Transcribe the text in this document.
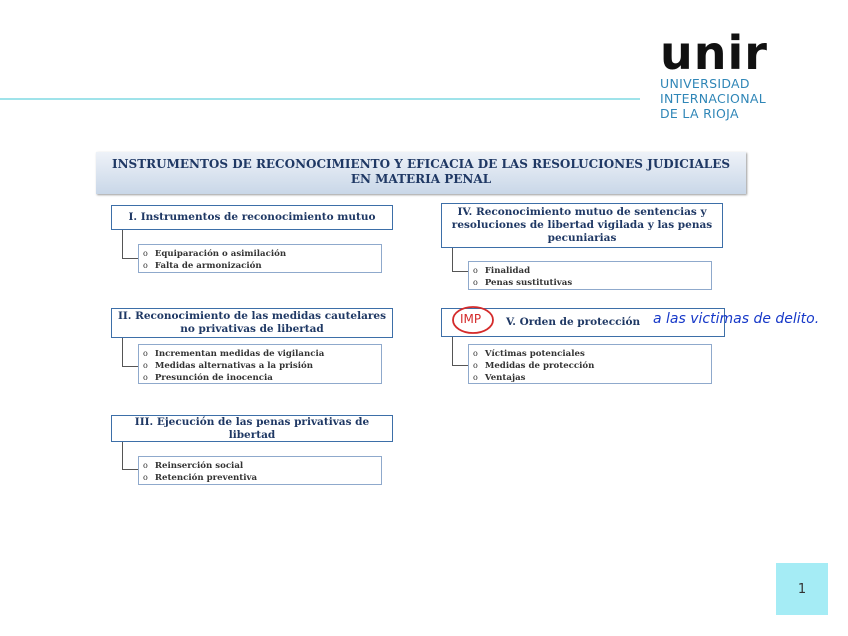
unir
UNIVERSIDAD
INTERNACIONAL
DE LA RIOJA
INSTRUMENTOS DE RECONOCIMIENTO Y EFICACIA DE LAS RESOLUCIONES JUDICIALES
EN MATERIA PENAL
I. Instrumentos de reconocimiento mutuo
o Equiparación o asimilación
o Falta de armonización
II. Reconocimiento de las medidas cautelares no privativas de libertad
o Incrementan medidas de vigilancia
o Medidas alternativas a la prisión
o Presunción de inocencia
III. Ejecución de las penas privativas de libertad
o Reinserción social
o Retención preventiva
IV. Reconocimiento mutuo de sentencias y resoluciones de libertad vigilada y las penas pecuniarias
o Finalidad
o Penas sustitutivas
V. Orden de protección
o Víctimas potenciales
o Medidas de protección
o Ventajas
IMP	a las victimas de delito.
1
